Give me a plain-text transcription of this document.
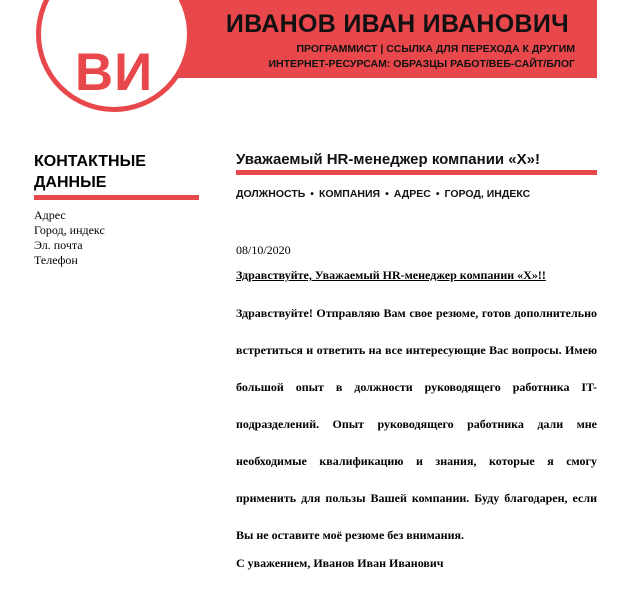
ИВАНОВ ИВАН ИВАНОВИЧ
ПРОГРАММИСТ | ССЫЛКА ДЛЯ ПЕРЕХОДА К ДРУГИМ ИНТЕРНЕТ-РЕСУРСАМ: ОБРАЗЦЫ РАБОТ/ВЕБ-САЙТ/БЛОГ
ВИ
КОНТАКТНЫЕ ДАННЫЕ
Адрес
Город, индекс
Эл. почта
Телефон
Уважаемый HR-менеджер компании «Х»!
ДОЛЖНОСТЬ • КОМПАНИЯ • АДРЕС • ГОРОД, ИНДЕКС
08/10/2020
Здравствуйте, Уважаемый HR-менеджер компании «Х»!!

Здравствуйте! Отправляю Вам свое резюме, готов дополнительно встретиться и ответить на все интересующие Вас вопросы. Имею большой опыт в должности руководящего работника IT-подразделений. Опыт руководящего работника дали мне необходимые квалификацию и знания, которые я смогу применить для пользы Вашей компании. Буду благодарен, если Вы не оставите моё резюме без внимания.

С уважением, Иванов Иван Иванович
